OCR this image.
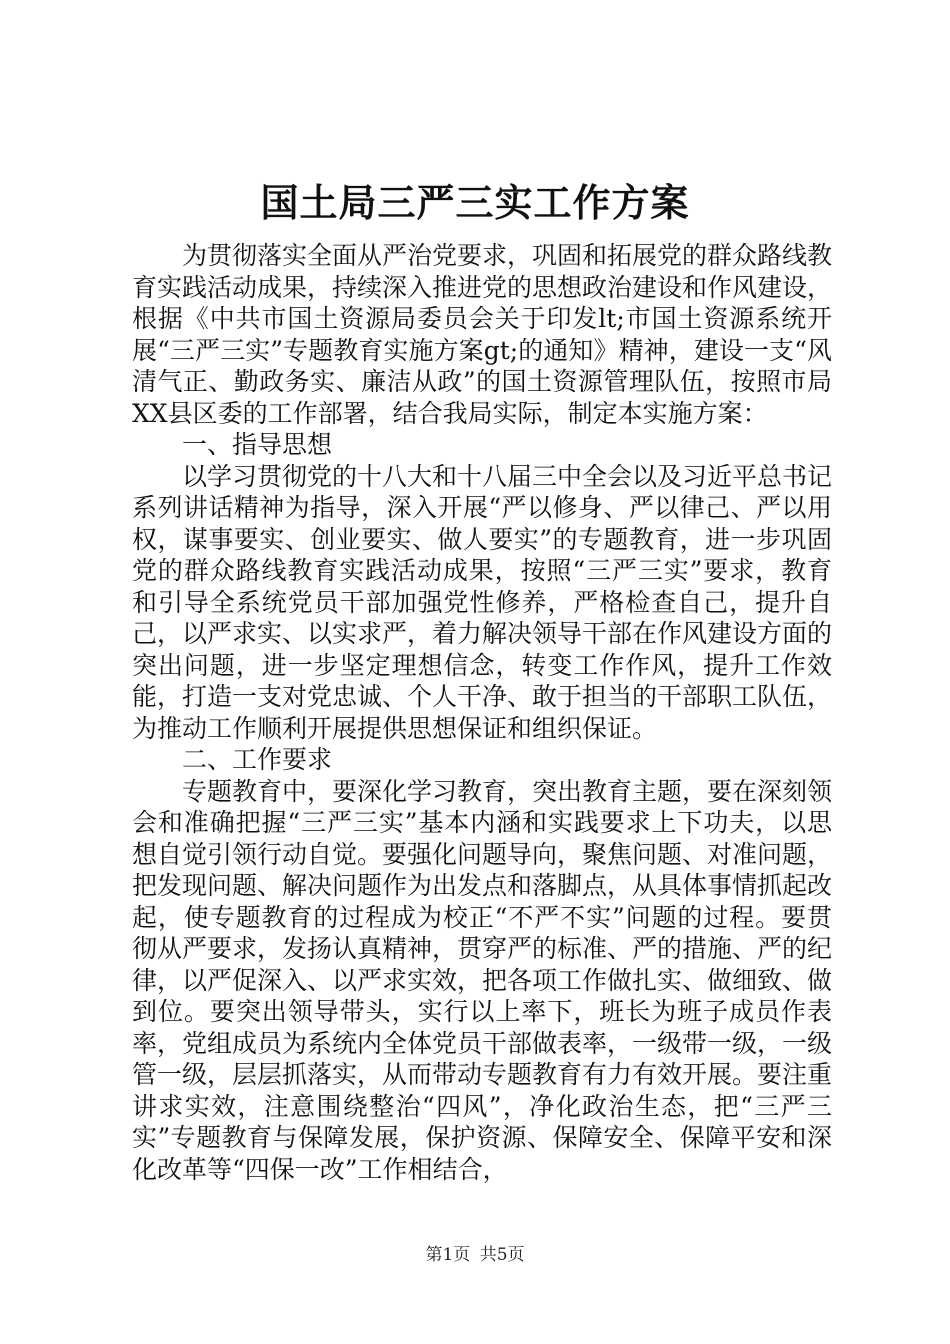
国土局三严三实工作方案

为贯彻落实全面从严治党要求，巩固和拓展党的群众路线教育实践活动成果，持续深入推进党的思想政治建设和作风建设，根据《中共市国土资源局委员会关于印发lt;市国土资源系统开展“三严三实”专题教育实施方案gt;的通知》精神，建设一支“风清气正、勤政务实、廉洁从政”的国土资源管理队伍，按照市局XX县区委的工作部署，结合我局实际，制定本实施方案：

一、指导思想

以学习贯彻党的十八大和十八届三中全会以及习近平总书记系列讲话精神为指导，深入开展“严以修身、严以律己、严以用权，谋事要实、创业要实、做人要实”的专题教育，进一步巩固党的群众路线教育实践活动成果，按照“三严三实”要求，教育和引导全系统党员干部加强党性修养，严格检查自己，提升自己，以严求实、以实求严，着力解决领导干部在作风建设方面的突出问题，进一步坚定理想信念，转变工作作风，提升工作效能，打造一支对党忠诚、个人干净、敢于担当的干部职工队伍，为推动工作顺利开展提供思想保证和组织保证。

二、工作要求

专题教育中，要深化学习教育，突出教育主题，要在深刻领会和准确把握“三严三实”基本内涵和实践要求上下功夫，以思想自觉引领行动自觉。要强化问题导向，聚焦问题、对准问题，把发现问题、解决问题作为出发点和落脚点，从具体事情抓起改起，使专题教育的过程成为校正“不严不实”问题的过程。要贯彻从严要求，发扬认真精神，贯穿严的标准、严的措施、严的纪律，以严促深入、以严求实效，把各项工作做扎实、做细致、做到位。要突出领导带头，实行以上率下，班长为班子成员作表率，党组成员为系统内全体党员干部做表率，一级带一级，一级管一级，层层抓落实，从而带动专题教育有力有效开展。要注重讲求实效，注意围绕整治“四风”，净化政治生态，把“三严三实”专题教育与保障发展，保护资源、保障安全、保障平安和深化改革等“四保一改”工作相结合，

第1页 共5页
